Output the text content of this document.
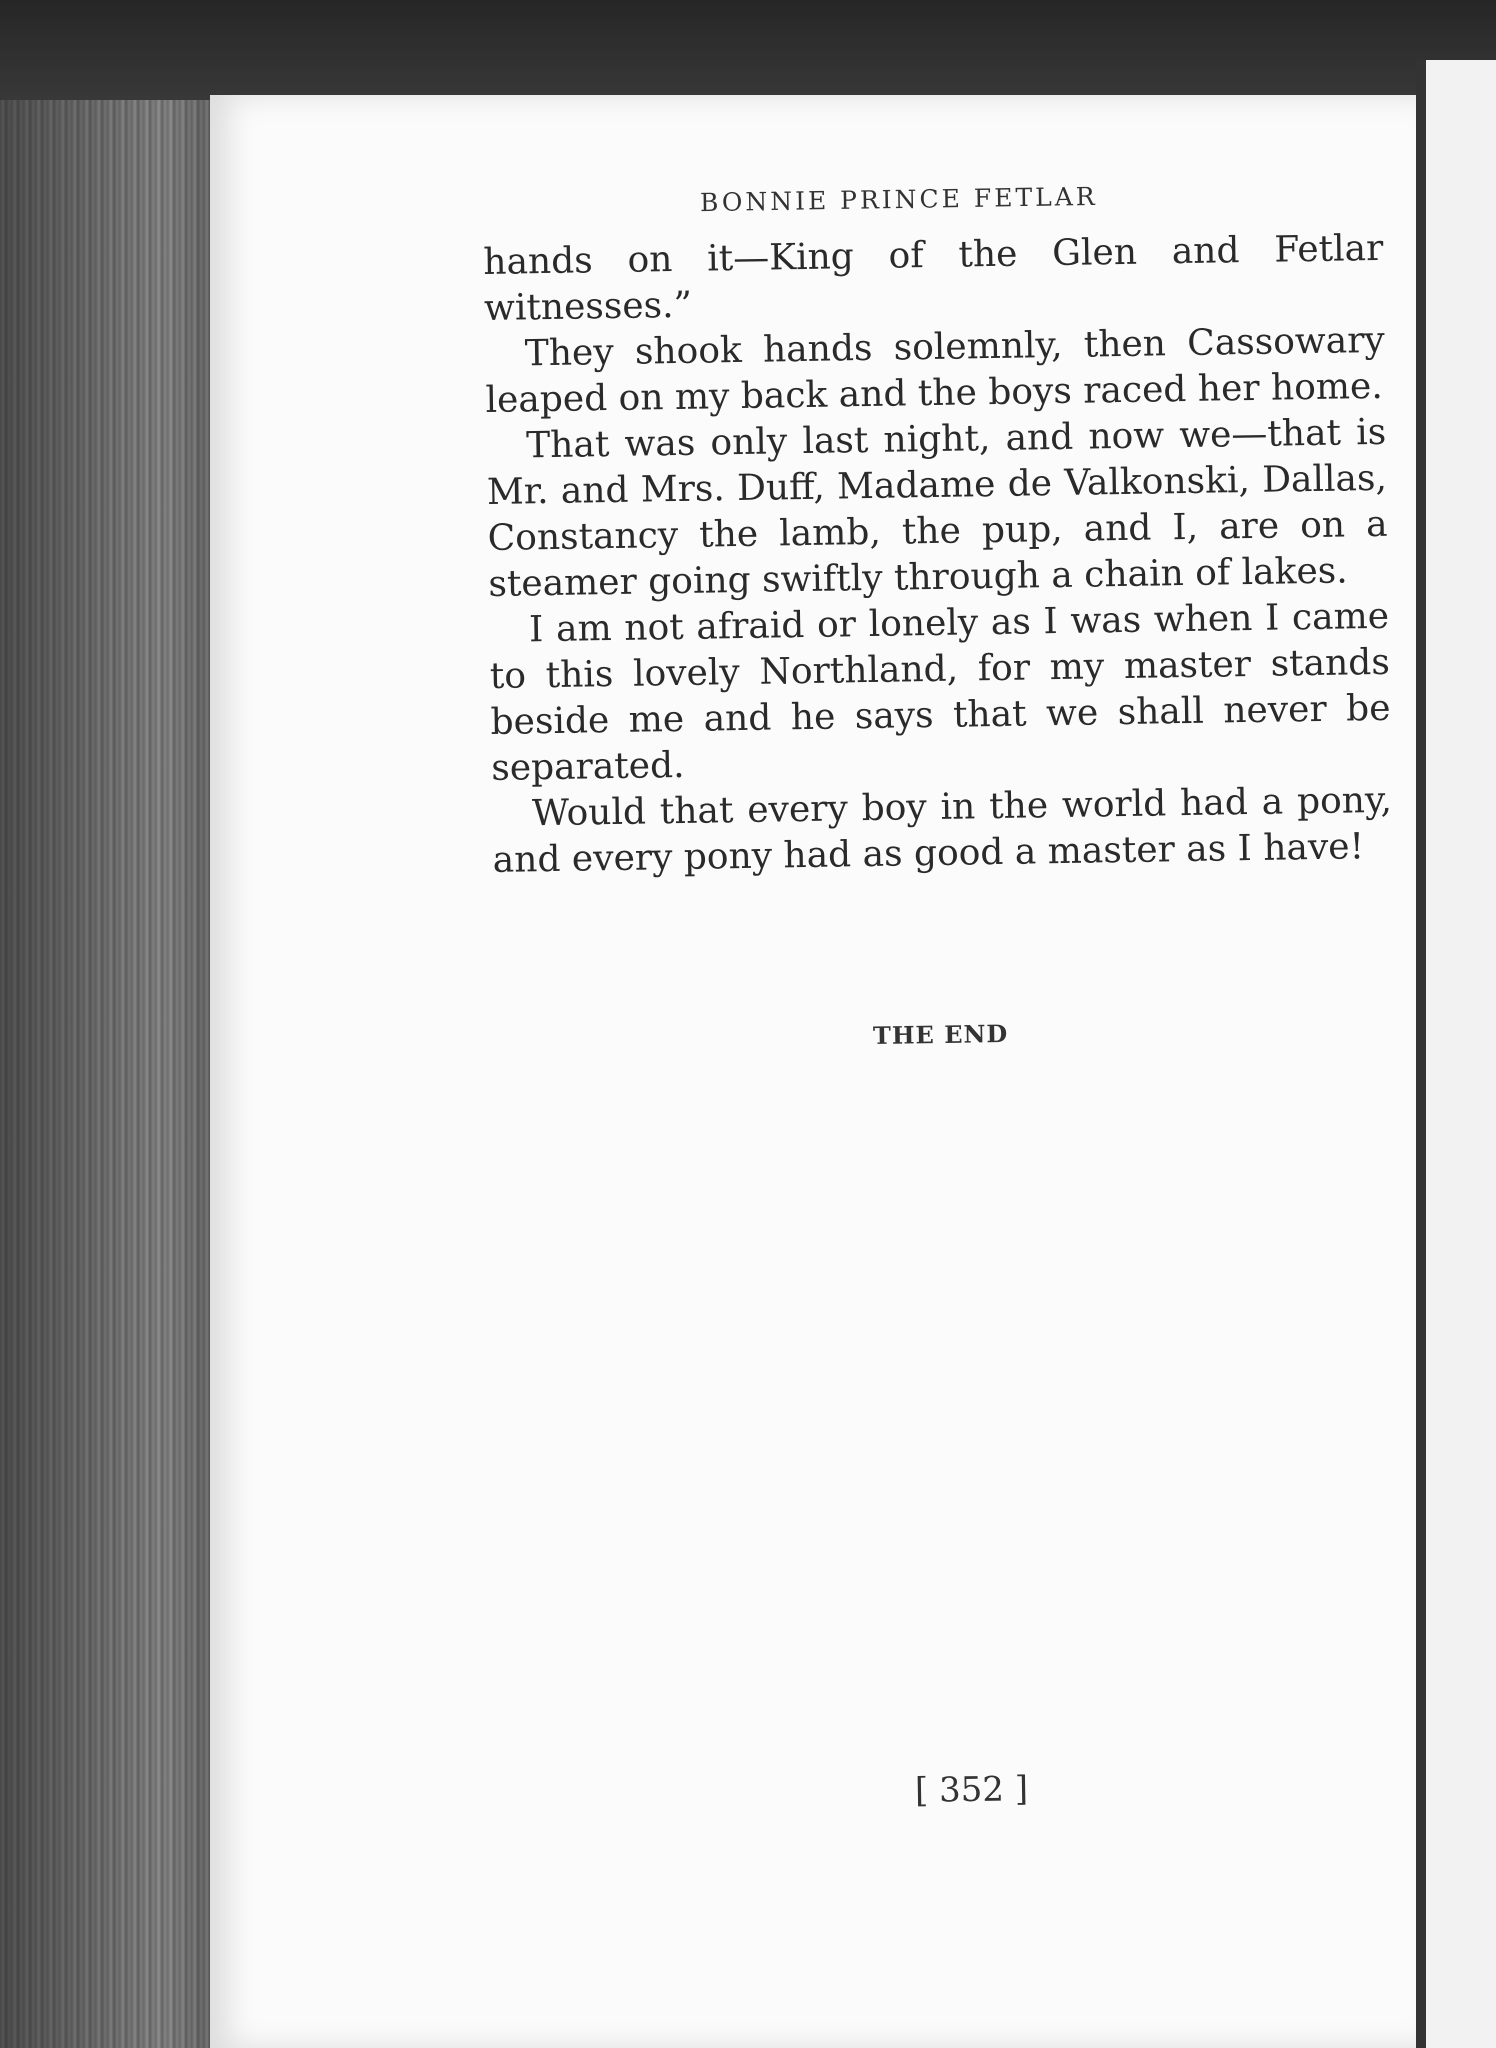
BONNIE PRINCE FETLAR

hands on it—King of the Glen and Fetlar witnesses.”

They shook hands solemnly, then Cassowary leaped on my back and the boys raced her home.

That was only last night, and now we—that is Mr. and Mrs. Duff, Madame de Valkonski, Dallas, Constancy the lamb, the pup, and I, are on a steamer going swiftly through a chain of lakes.

I am not afraid or lonely as I was when I came to this lovely Northland, for my master stands beside me and he says that we shall never be separated.

Would that every boy in the world had a pony, and every pony had as good a master as I have!

THE END
[ 352 ]
